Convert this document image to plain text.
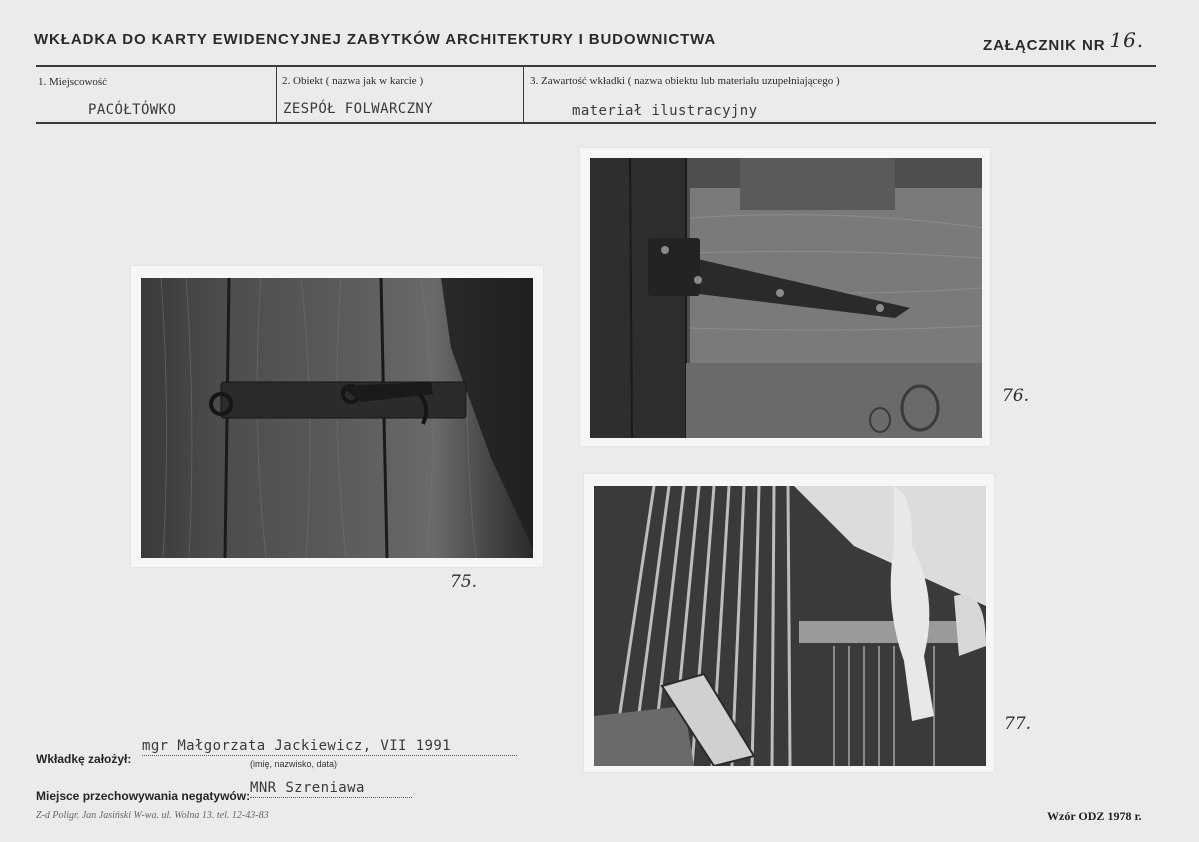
WKŁADKA DO KARTY EWIDENCYJNEJ ZABYTKÓW ARCHITEKTURY I BUDOWNICTWA	ZAŁĄCZNIK NR 16.
1. Miejscowość
PACÓŁTÓWKO
2. Obiekt ( nazwa jak w karcie )
ZESPÓŁ FOLWARCZNY
3. Zawartość wkładki ( nazwa obiektu lub materiału uzupełniającego )
materiał ilustracyjny
75.
76.
77.
Wkładkę założył:
mgr Małgorzata Jackiewicz, VII 1991
(imię, nazwisko, data)
Miejsce przechowywania negatywów: MNR Szreniawa
Z-d Poligr. Jan Jasiński W-wa. ul. Wolna 13. tel. 12-43-83	Wzór ODZ 1978 r.
